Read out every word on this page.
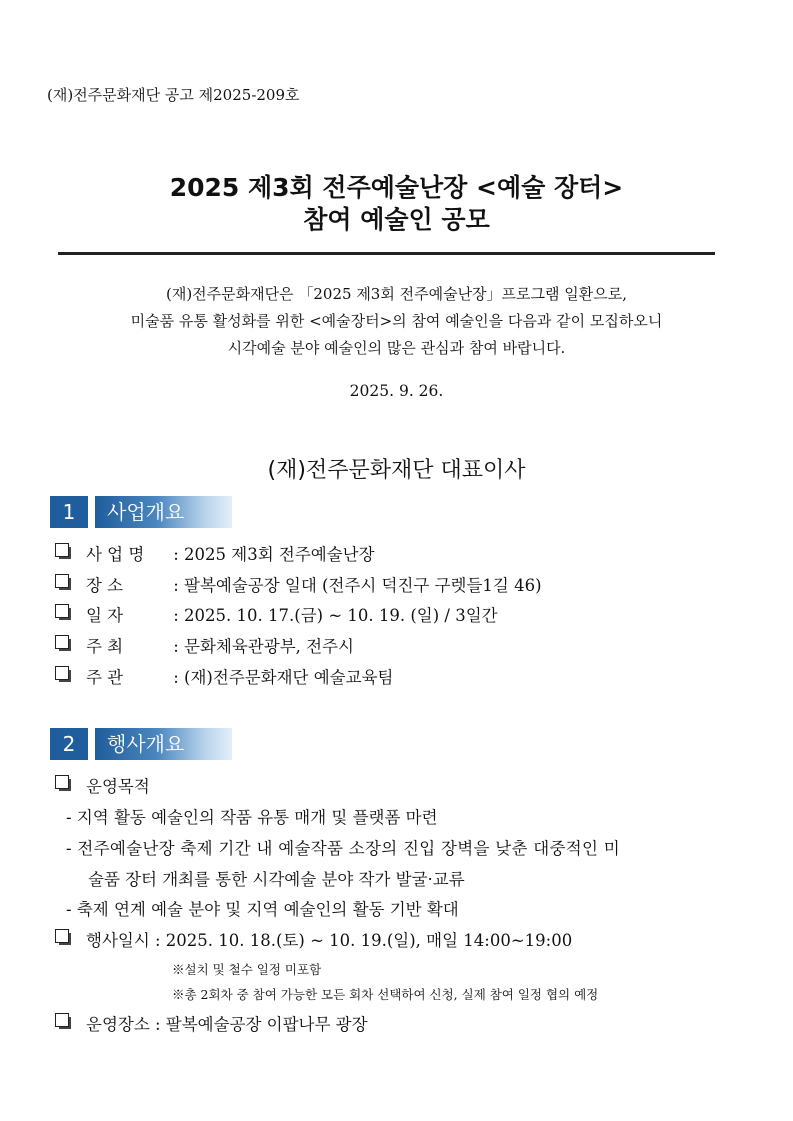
(재)전주문화재단 공고 제2025-209호
2025 제3회 전주예술난장 <예술 장터>
참여 예술인 공모
(재)전주문화재단은 「2025 제3회 전주예술난장」프로그램 일환으로,
미술품 유통 활성화를 위한 <예술장터>의 참여 예술인을 다음과 같이 모집하오니
시각예술 분야 예술인의 많은 관심과 참여 바랍니다.
2025. 9. 26.
(재)전주문화재단 대표이사
1	사업개요
사 업 명 : 2025 제3회 전주예술난장
장 소	: 팔복예술공장 일대 (전주시 덕진구 구렛들1길 46)
일 자	: 2025. 10. 17.(금) ~ 10. 19. (일) / 3일간
주 최	: 문화체육관광부, 전주시
주 관	: (재)전주문화재단 예술교육팀
2	행사개요
운영목적
- 지역 활동 예술인의 작품 유통 매개 및 플랫폼 마련
- 전주예술난장 축제 기간 내 예술작품 소장의 진입 장벽을 낮춘 대중적인 미
술품 장터 개최를 통한 시각예술 분야 작가 발굴·교류
- 축제 연계 예술 분야 및 지역 예술인의 활동 기반 확대
행사일시 : 2025. 10. 18.(토) ~ 10. 19.(일), 매일 14:00~19:00
※설치 및 철수 일정 미포함
※총 2회차 중 참여 가능한 모든 회차 선택하여 신청, 실제 참여 일정 협의 예정
운영장소 : 팔복예술공장 이팝나무 광장
